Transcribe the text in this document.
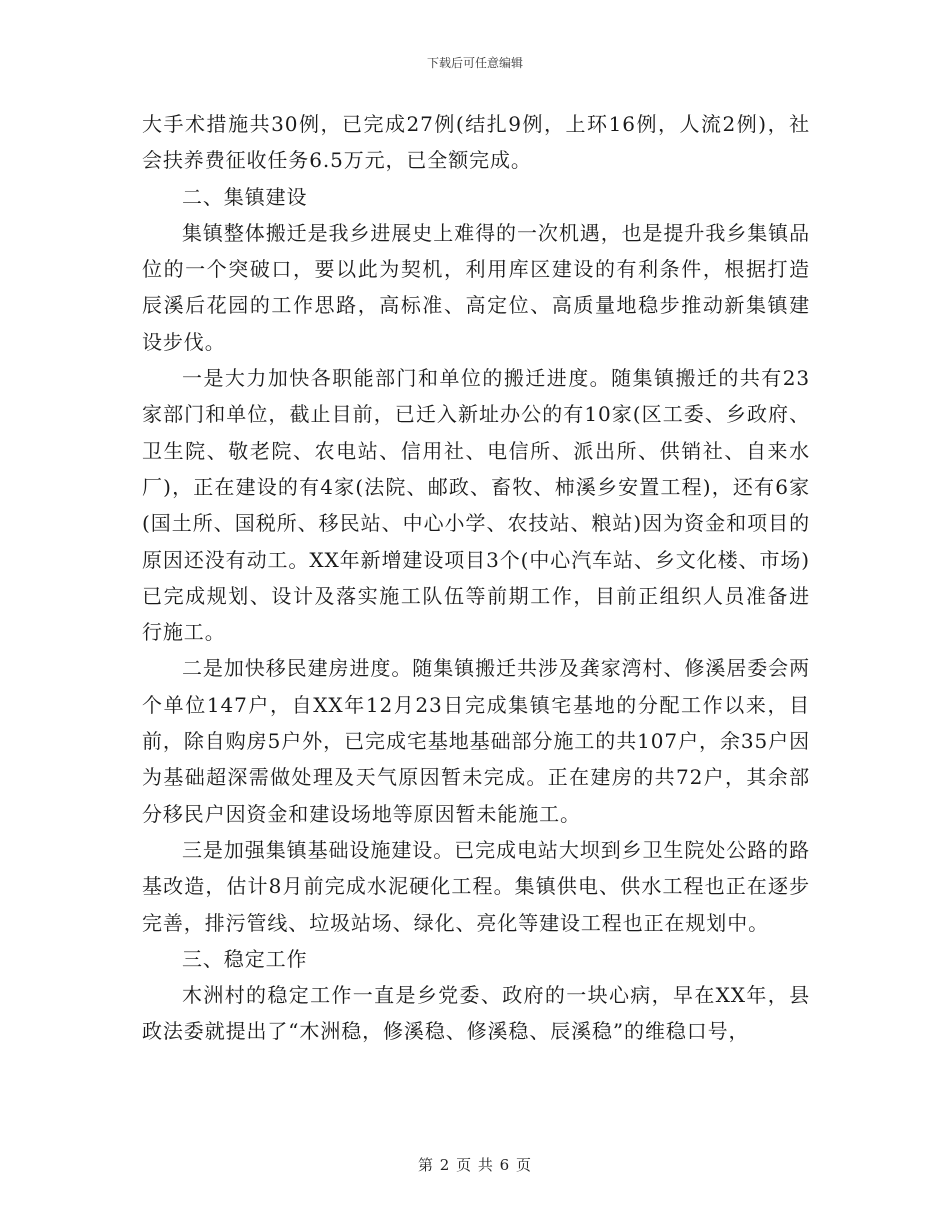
下载后可任意编辑

大手术措施共30例，已完成27例(结扎9例，上环16例，人流2例)，社会扶养费征收任务6.5万元，已全额完成。

二、集镇建设

集镇整体搬迁是我乡进展史上难得的一次机遇，也是提升我乡集镇品位的一个突破口，要以此为契机，利用库区建设的有利条件，根据打造辰溪后花园的工作思路，高标准、高定位、高质量地稳步推动新集镇建设步伐。

一是大力加快各职能部门和单位的搬迁进度。随集镇搬迁的共有23家部门和单位，截止目前，已迁入新址办公的有10家(区工委、乡政府、卫生院、敬老院、农电站、信用社、电信所、派出所、供销社、自来水厂)，正在建设的有4家(法院、邮政、畜牧、柿溪乡安置工程)，还有6家(国土所、国税所、移民站、中心小学、农技站、粮站)因为资金和项目的原因还没有动工。XX年新增建设项目3个(中心汽车站、乡文化楼、市场)已完成规划、设计及落实施工队伍等前期工作，目前正组织人员准备进行施工。

二是加快移民建房进度。随集镇搬迁共涉及龚家湾村、修溪居委会两个单位147户，自XX年12月23日完成集镇宅基地的分配工作以来，目前，除自购房5户外，已完成宅基地基础部分施工的共107户，余35户因为基础超深需做处理及天气原因暂未完成。正在建房的共72户，其余部分移民户因资金和建设场地等原因暂未能施工。

三是加强集镇基础设施建设。已完成电站大坝到乡卫生院处公路的路基改造，估计8月前完成水泥硬化工程。集镇供电、供水工程也正在逐步完善，排污管线、垃圾站场、绿化、亮化等建设工程也正在规划中。

三、稳定工作

木洲村的稳定工作一直是乡党委、政府的一块心病，早在XX年，县政法委就提出了“木洲稳，修溪稳、修溪稳、辰溪稳”的维稳口号，

第 2 页 共 6 页
